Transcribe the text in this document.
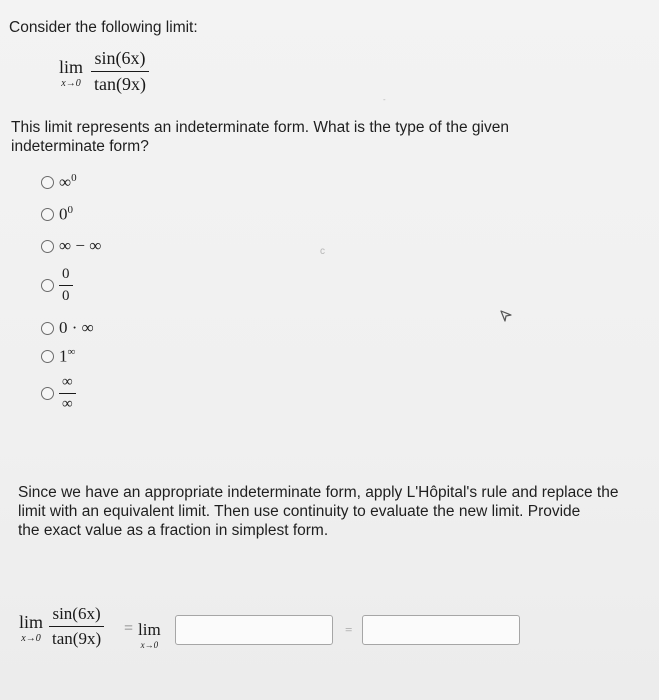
Consider the following limit:
lim
$x\to 0 \frac{\sin(6x)}{\tan(9x)}$
This limit represents an indeterminate form. What is the type of the given
indeterminate form?
∞$^0$
$0^0$
∞ − ∞
$\frac{0}{0}$
0 · ∞
1∞
$\frac{\infty}{\infty}$
c
-
Since we have an appropriate indeterminate form, apply L'Hôpital's rule and replace the
limit with an equivalent limit. Then use continuity to evaluate the new limit. Provide
the exact value as a fraction in simplest form.
lim
$x\to 0 \frac{\sin(6x)}{\tan(9x)} = \lim$
x→0
=
